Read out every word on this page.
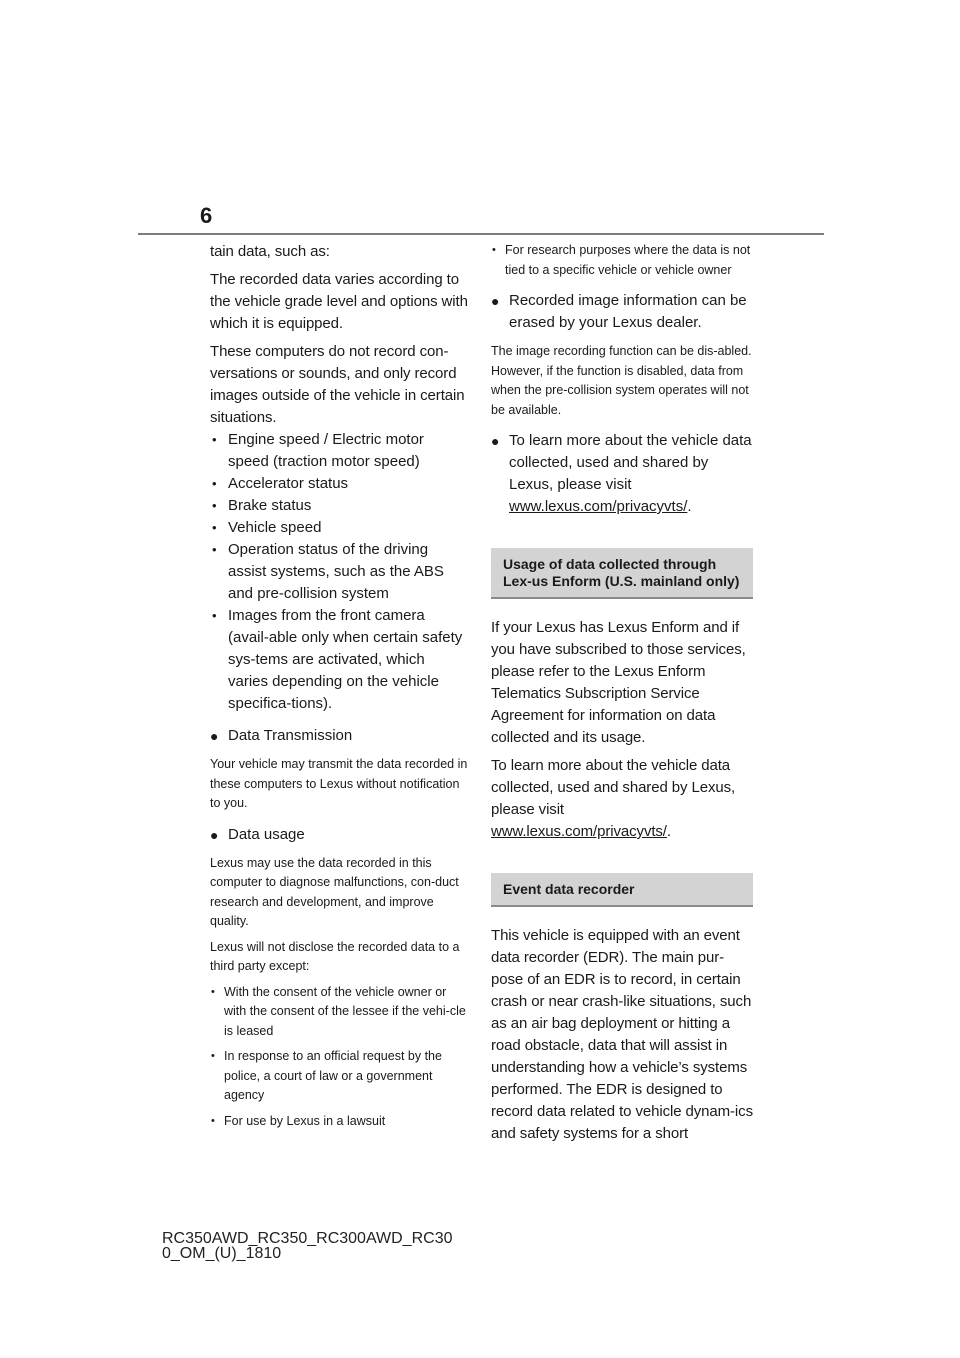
6

tain data, such as:

The recorded data varies according to the vehicle grade level and options with which it is equipped.

These computers do not record con-versations or sounds, and only record images outside of the vehicle in certain situations.

• Engine speed / Electric motor speed (traction motor speed)
• Accelerator status
• Brake status
• Vehicle speed
• Operation status of the driving assist systems, such as the ABS and pre-collision system
• Images from the front camera (avail-able only when certain safety sys-tems are activated, which varies depending on the vehicle specifica-tions).
● Data Transmission

Your vehicle may transmit the data recorded in these computers to Lexus without notification to you.

● Data usage

Lexus may use the data recorded in this computer to diagnose malfunctions, con-duct research and development, and improve quality.

Lexus will not disclose the recorded data to a third party except:

• With the consent of the vehicle owner or with the consent of the lessee if the vehi-cle is leased
• In response to an official request by the police, a court of law or a government agency
• For use by Lexus in a lawsuit
• For research purposes where the data is not tied to a specific vehicle or vehicle owner
● Recorded image information can be erased by your Lexus dealer.

The image recording function can be dis-abled. However, if the function is disabled, data from when the pre-collision system operates will not be available.

● To learn more about the vehicle data collected, used and shared by Lexus, please visit
www.lexus.com/privacyvts/.
Usage of data collected through Lex-us Enform (U.S. mainland only)

If your Lexus has Lexus Enform and if you have subscribed to those services, please refer to the Lexus Enform Telematics Subscription Service Agreement for information on data collected and its usage.

To learn more about the vehicle data collected, used and shared by Lexus, please visit
www.lexus.com/privacyvts/.

Event data recorder

This vehicle is equipped with an event data recorder (EDR). The main pur-pose of an EDR is to record, in certain crash or near crash-like situations, such as an air bag deployment or hitting a road obstacle, data that will assist in understanding how a vehicle’s systems performed. The EDR is designed to record data related to vehicle dynam-ics and safety systems for a short

RC350AWD_RC350_RC300AWD_RC30
0_OM_(U)_1810
